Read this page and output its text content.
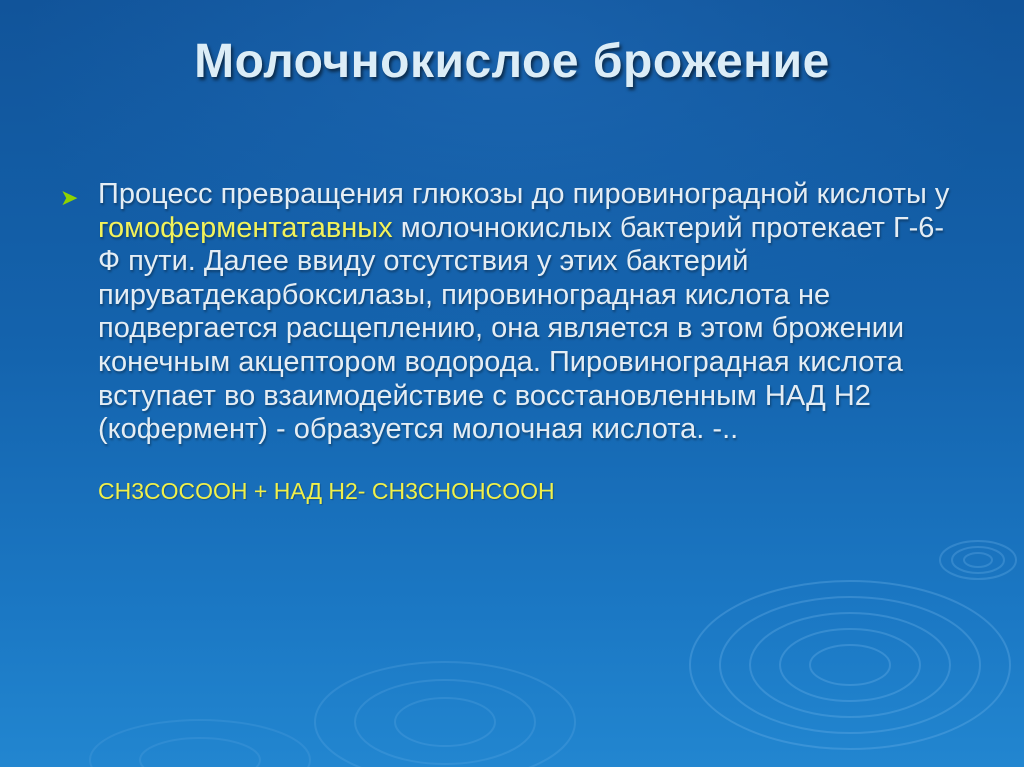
Молочнокислое брожение
➤ Процесс превращения глюкозы до пировиноградной кислоты у гомоферментатавных молочнокислых бактерий протекает Г-6-Ф пути. Далее ввиду отсутствия у этих бактерий пируватдекарбоксилазы, пировиноградная кислота не подвергается расщеплению, она является в этом брожении конечным акцептором водорода. Пировиноградная кислота вступает во взаимодействие с восстановленным НАД Н2 (кофермент) - образуется молочная кислота. -..
CH3COCOOH + НАД Н2- CH3CHOHCOOH
